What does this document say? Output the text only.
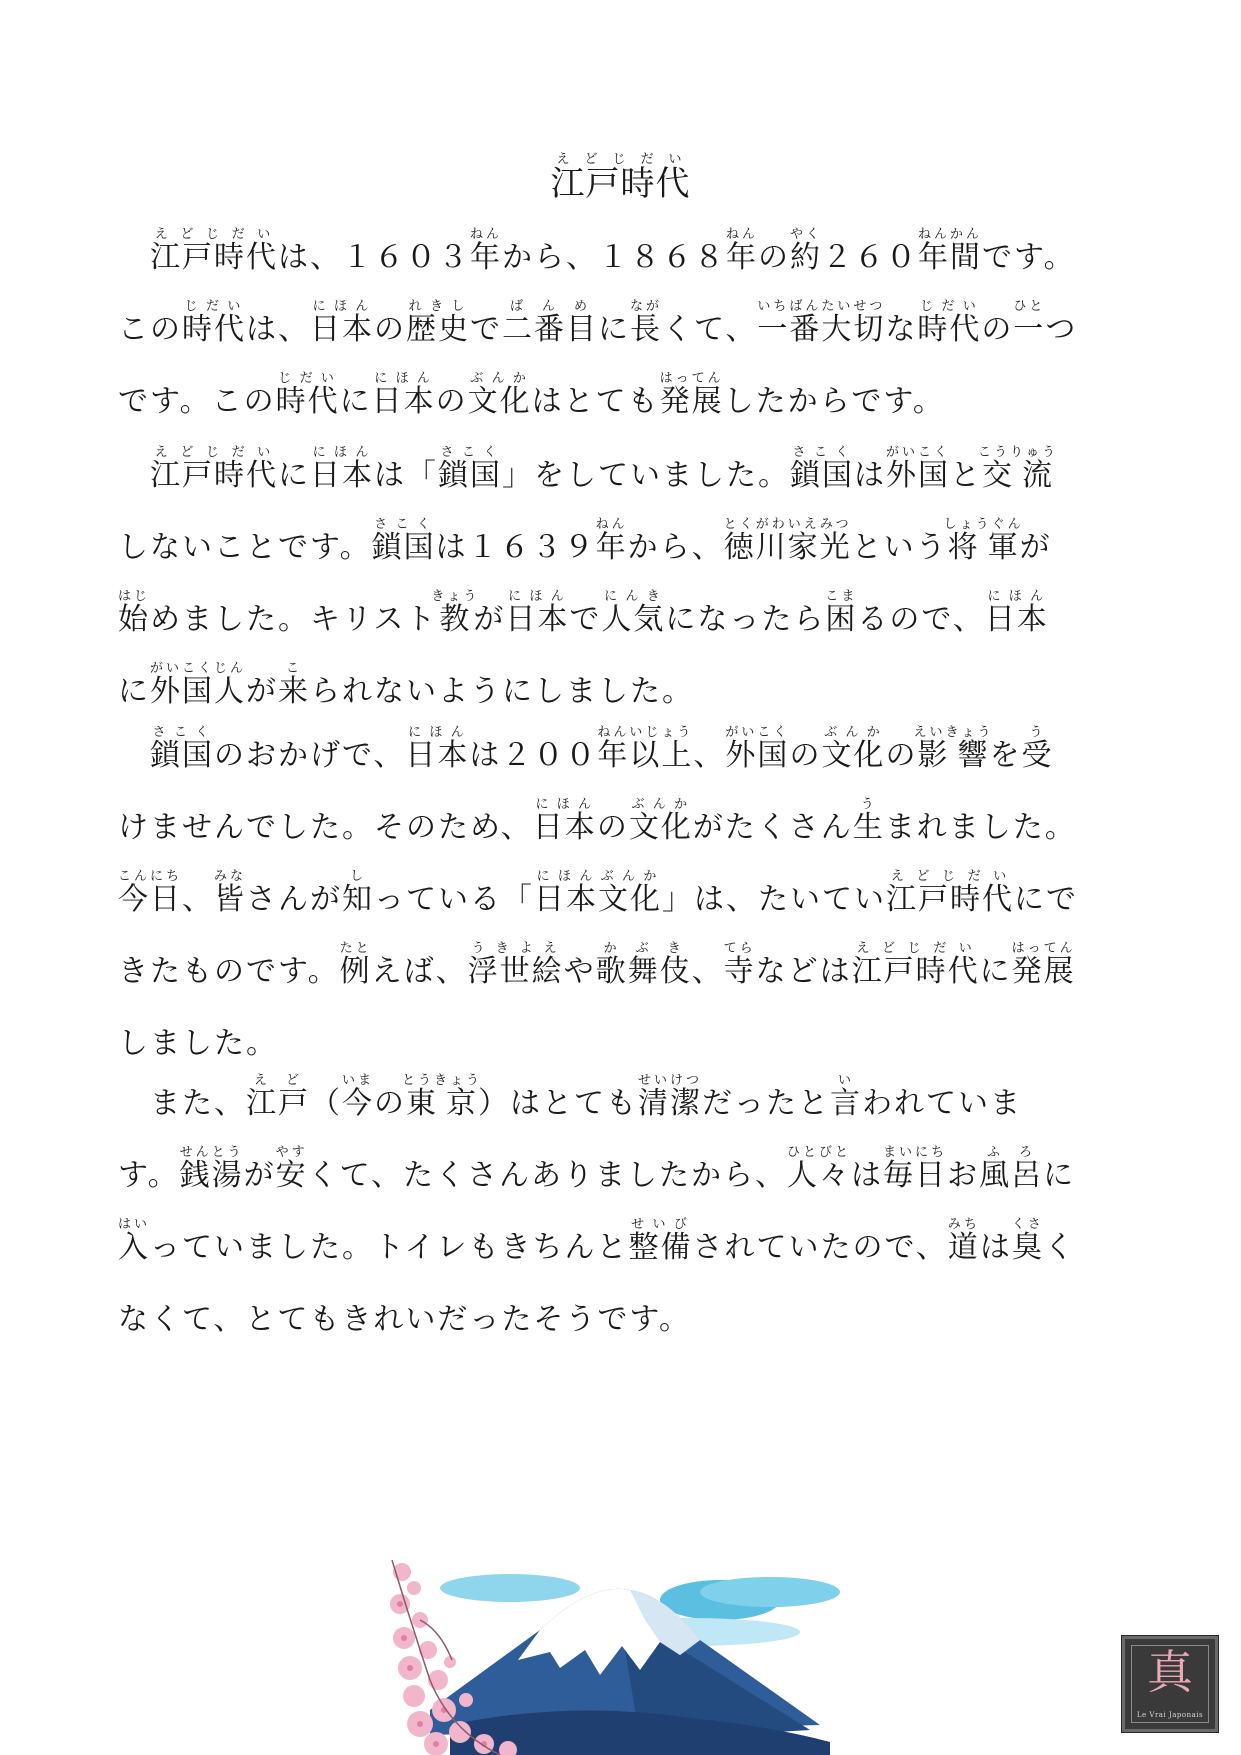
江戸時代えどじだい
　江戸時代えどじだいは、１６０３年ねんから、１８６８年ねんの約やく２６０年間ねんかんです。
この時代じだいは、日本にほんの歴史れきしで二番目ばんめに長ながくて、一番大切いちばんたいせつな時代じだいの一ひとつ
です。この時代じだいに日本にほんの文化ぶんかはとても発展はってんしたからです。
　江戸時代えどじだいに日本にほんは「鎖国さこく」をしていました。鎖国さこくは外国がいこくと交流こうりゅう
しないことです。鎖国さこくは１６３９年ねんから、徳川家光とくがわいえみつという将軍しょうぐんが
始はじめました。キリスト教きょうが日本にほんで人気にんきになったら困こまるので、日本にほん
に外国人がいこくじんが来こられないようにしました。
　鎖国さこくのおかげで、日本にほんは２００年以上ねんいじょう、外国がいこくの文化ぶんかの影響えいきょうを受う
けませんでした。そのため、日本にほんの文化ぶんかがたくさん生うまれました。
今日こんにち、皆みなさんが知しっている「日本文化にほんぶんか」は、たいてい江戸時代えどじだいにで
きたものです。例たとえば、浮世絵うきよえや歌舞伎かぶき、寺てらなどは江戸時代えどじだいに発展はってん
しました。
　また、江戸えど（今いまの東京とうきょう）はとても清潔せいけつだったと言いわれていま
す。銭湯せんとうが安やすくて、たくさんありましたから、人々ひとびとは毎日まいにちお風呂ふろに
入はいっていました。トイレもきちんと整備せいびされていたので、道みちは臭くさく
なくて、とてもきれいだったそうです。
真
Le Vrai Japonais
